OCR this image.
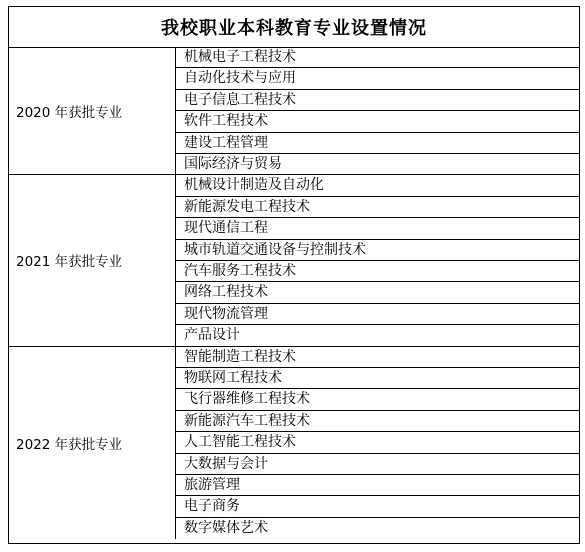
我校职业本科教育专业设置情况
2020 年获批专业
机械电子工程技术
自动化技术与应用
电子信息工程技术
软件工程技术
建设工程管理
国际经济与贸易
2021 年获批专业
机械设计制造及自动化
新能源发电工程技术
现代通信工程
城市轨道交通设备与控制技术
汽车服务工程技术
网络工程技术
现代物流管理
产品设计
2022 年获批专业
智能制造工程技术
物联网工程技术
飞行器维修工程技术
新能源汽车工程技术
人工智能工程技术
大数据与会计
旅游管理
电子商务
数字媒体艺术
